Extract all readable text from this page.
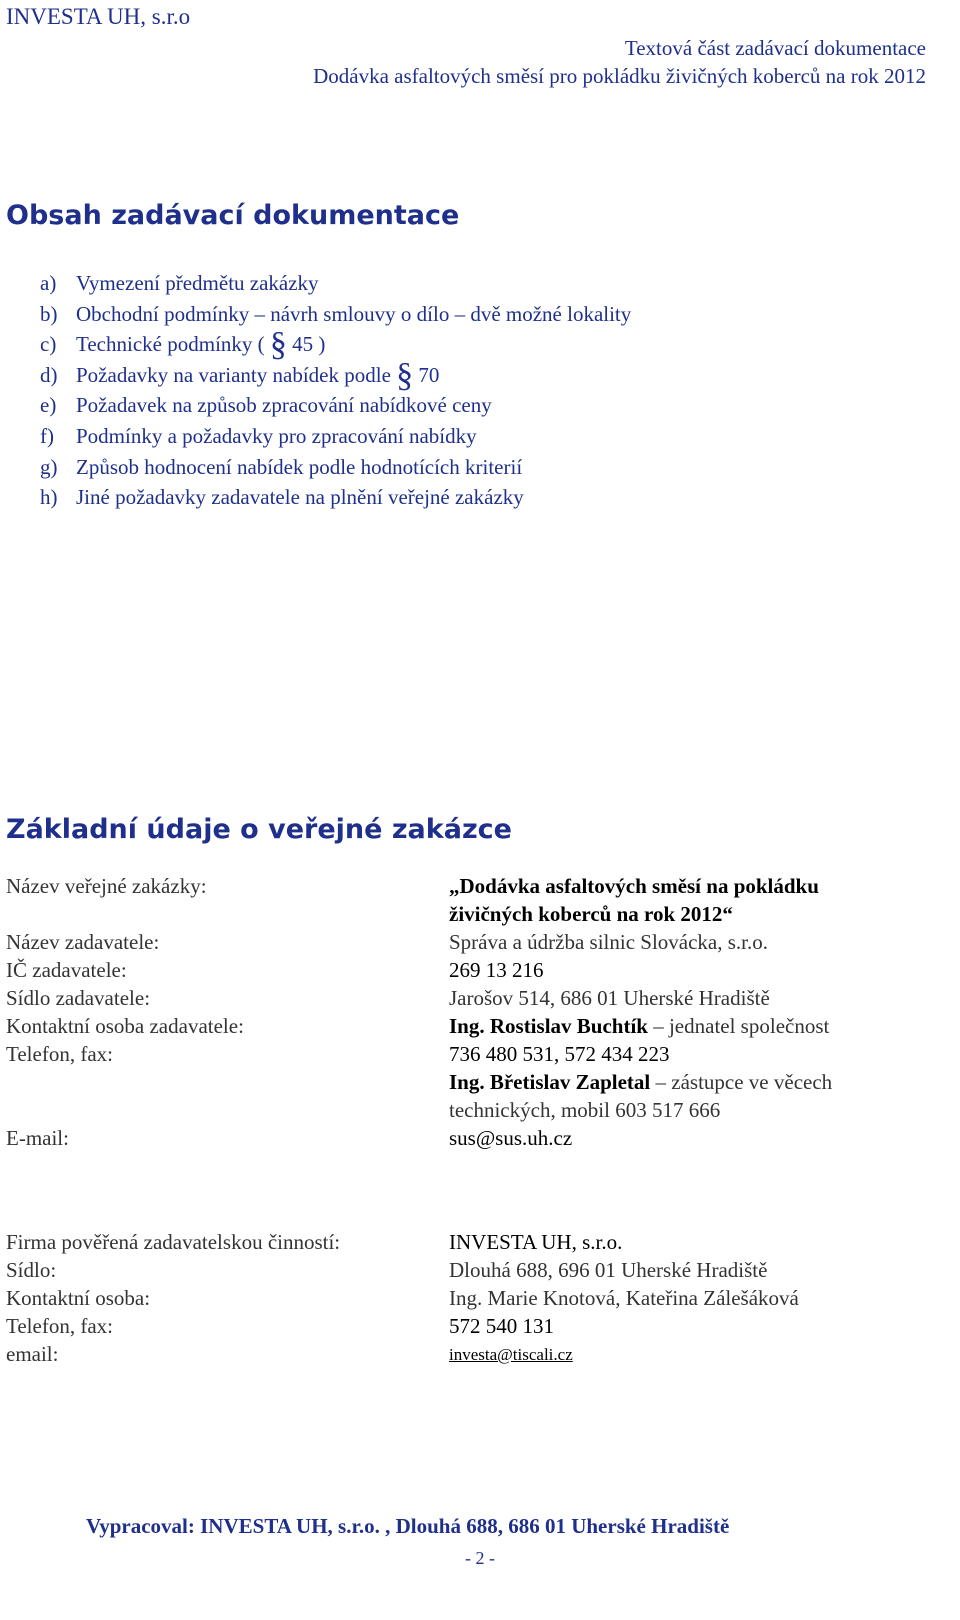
INVESTA UH, s.r.o
Textová část zadávací dokumentace
Dodávka asfaltových směsí pro pokládku živičných koberců na rok 2012
Obsah zadávací dokumentace
a) Vymezení předmětu zakázky
b) Obchodní podmínky – návrh smlouvy o dílo – dvě možné lokality
c) Technické podmínky ( § 45 )
d) Požadavky na varianty nabídek podle § 70
e) Požadavek na způsob zpracování nabídkové ceny
f) Podmínky a požadavky pro zpracování nabídky
g) Způsob hodnocení nabídek podle hodnotících kriterií
h) Jiné požadavky zadavatele na plnění veřejné zakázky
Základní údaje o veřejné zakázce
Název veřejné zakázky:	„Dodávka asfaltových směsí na pokládku
živičných koberců na rok 2012“
Název zadavatele:	Správa a údržba silnic Slovácka, s.r.o.
IČ zadavatele:	269 13 216
Sídlo zadavatele:	Jarošov 514, 686 01 Uherské Hradiště
Kontaktní osoba zadavatele:	Ing. Rostislav Buchtík – jednatel společnost
Telefon, fax:	736 480 531, 572 434 223
Ing. Břetislav Zapletal – zástupce ve věcech
technických, mobil 603 517 666
E-mail:	sus@sus.uh.cz
Firma pověřená zadavatelskou činností:	INVESTA UH, s.r.o.
Sídlo:	Dlouhá 688, 696 01 Uherské Hradiště
Kontaktní osoba:	Ing. Marie Knotová, Kateřina Zálešáková
Telefon, fax:	572 540 131
email:	investa@tiscali.cz
Vypracoval: INVESTA UH, s.r.o. , Dlouhá 688, 686 01 Uherské Hradiště
- 2 -
